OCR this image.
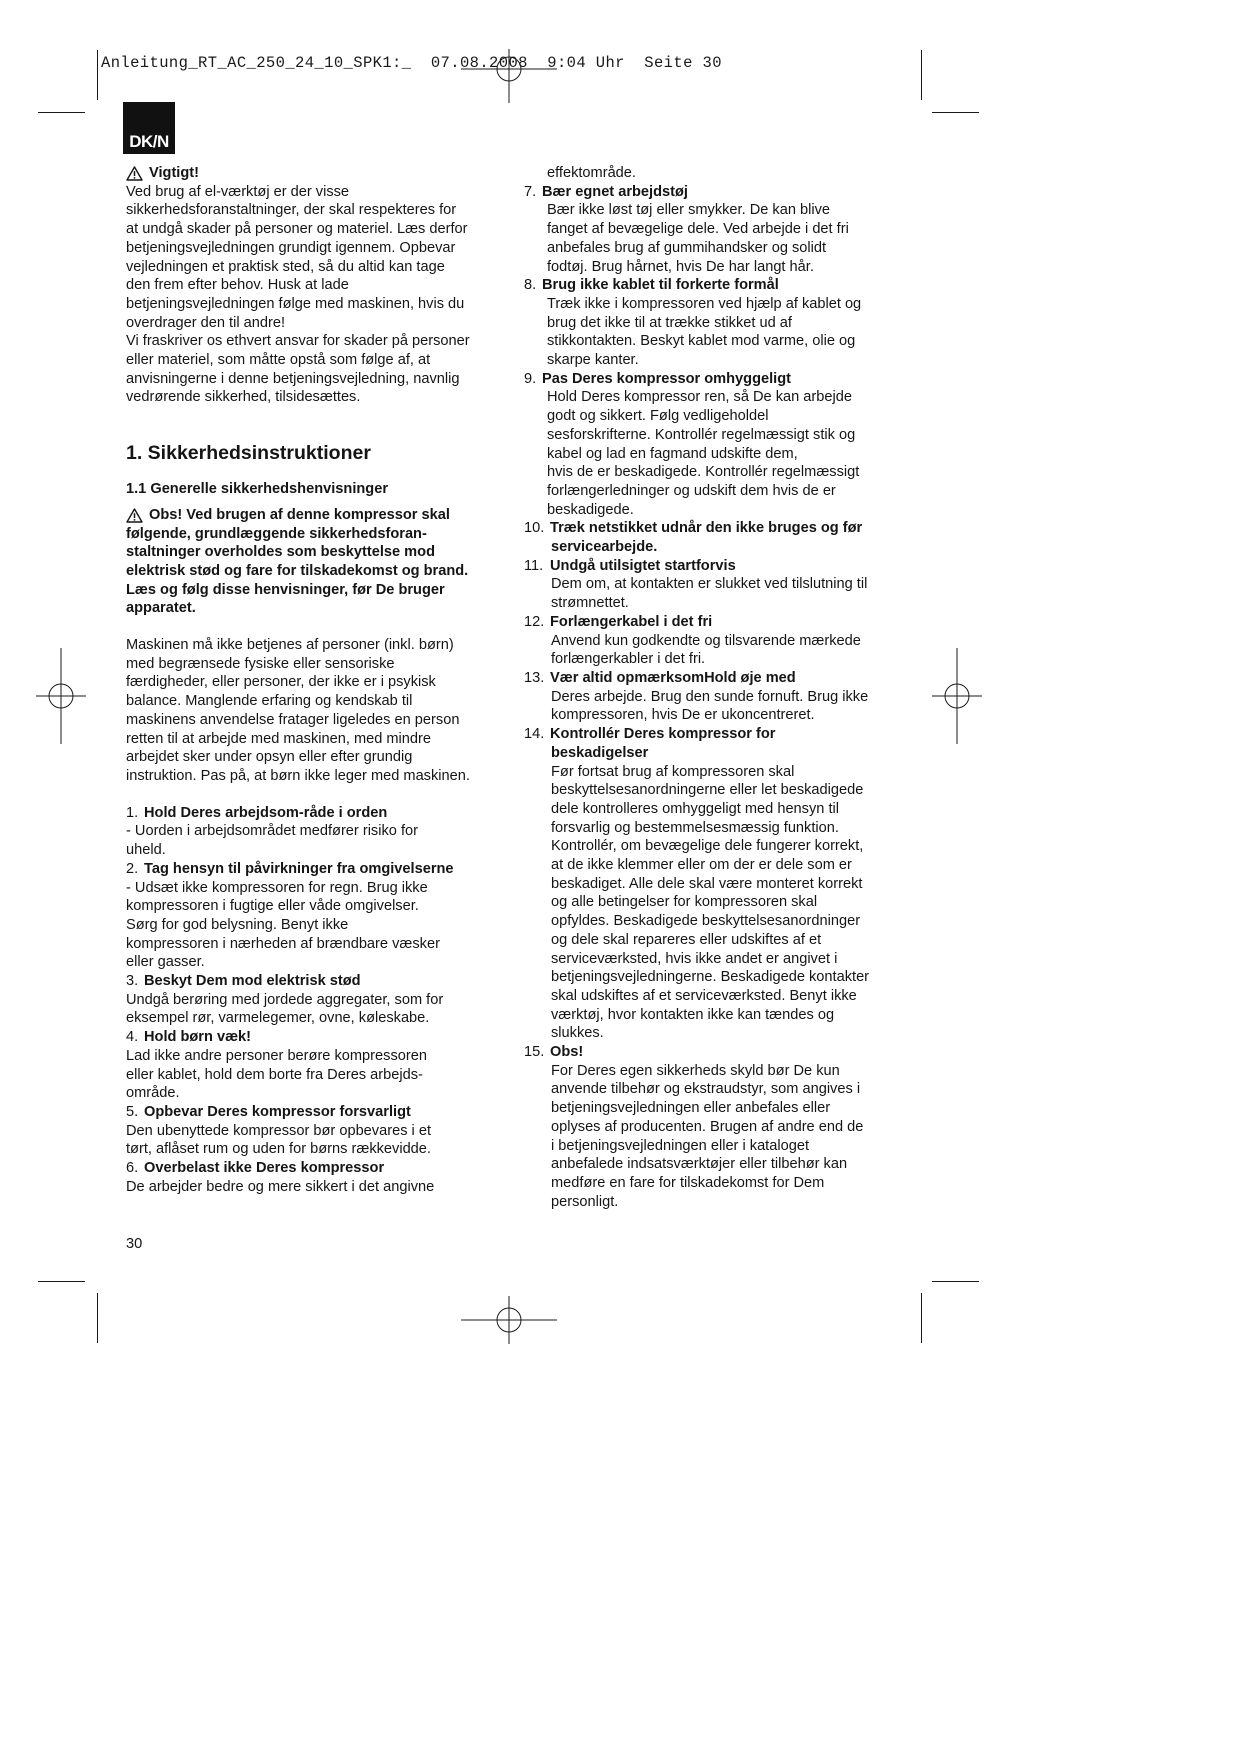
Anleitung_RT_AC_250_24_10_SPK1:_  07.08.2008  9:04 Uhr  Seite 30
DK/N
Vigtigt!

Ved brug af el-værktøj er der visse

sikkerhedsforanstaltninger, der skal respekteres for

at undgå skader på personer og materiel. Læs derfor

betjeningsvejledningen grundigt igennem. Opbevar

vejledningen et praktisk sted, så du altid kan tage

den frem efter behov. Husk at lade

betjeningsvejledningen følge med maskinen, hvis du

overdrager den til andre!

Vi fraskriver os ethvert ansvar for skader på personer

eller materiel, som måtte opstå som følge af, at

anvisningerne i denne betjeningsvejledning, navnlig

vedrørende sikkerhed, tilsidesættes.

1. Sikkerhedsinstruktioner
1.1 Generelle sikkerhedshenvisninger
Obs! Ved brugen af denne kompressor skal

følgende, grundlæggende sikkerhedsforan-

staltninger overholdes som beskyttelse mod

elektrisk stød og fare for tilskadekomst og brand.

Læs og følg disse henvisninger, før De bruger

apparatet.

Maskinen må ikke betjenes af personer (inkl. børn)

med begrænsede fysiske eller sensoriske

færdigheder, eller personer, der ikke er i psykisk

balance. Manglende erfaring og kendskab til

maskinens anvendelse fratager ligeledes en person

retten til at arbejde med maskinen, med mindre

arbejdet sker under opsyn eller efter grundig

instruktion. Pas på, at børn ikke leger med maskinen.

1. Hold Deres arbejdsom-råde i orden

- Uorden i arbejdsområdet medfører risiko for

uheld.

2. Tag hensyn til påvirkninger fra omgivelserne

- Udsæt ikke kompressoren for regn. Brug ikke

kompressoren i fugtige eller våde omgivelser.

Sørg for god belysning. Benyt ikke

kompressoren i nærheden af brændbare væsker

eller gasser.

3. Beskyt Dem mod elektrisk stød

Undgå berøring med jordede aggregater, som for

eksempel rør, varmelegemer, ovne, køleskabe.

4. Hold børn væk!

Lad ikke andre personer berøre kompressoren

eller kablet, hold dem borte fra Deres arbejds-

område.

5. Opbevar Deres kompressor forsvarligt

Den ubenyttede kompressor bør opbevares i et

tørt, aflåset rum og uden for børns rækkevidde.

6. Overbelast ikke Deres kompressor

De arbejder bedre og mere sikkert i det angivne

effektområde.

7. Bær egnet arbejdstøj

Bær ikke løst tøj eller smykker. De kan blive

fanget af bevægelige dele. Ved arbejde i det fri

anbefales brug af gummihandsker og solidt

fodtøj. Brug hårnet, hvis De har langt hår.

8. Brug ikke kablet til forkerte formål

Træk ikke i kompressoren ved hjælp af kablet og

brug det ikke til at trække stikket ud af

stikkontakten. Beskyt kablet mod varme, olie og

skarpe kanter.

9. Pas Deres kompressor omhyggeligt

Hold Deres kompressor ren, så De kan arbejde

godt og sikkert. Følg vedligeholdel

sesforskrifterne. Kontrollér regelmæssigt stik og

kabel og lad en fagmand udskifte dem,

hvis de er beskadigede. Kontrollér regelmæssigt

forlængerledninger og udskift dem hvis de er

beskadigede.

10. Træk netstikket udnår den ikke bruges og før

servicearbejde.

11. Undgå utilsigtet startforvis

Dem om, at kontakten er slukket ved tilslutning til

strømnettet.

12. Forlængerkabel i det fri

Anvend kun godkendte og tilsvarende mærkede

forlængerkabler i det fri.

13. Vær altid opmærksomHold øje med

Deres arbejde. Brug den sunde fornuft. Brug ikke

kompressoren, hvis De er ukoncentreret.

14. Kontrollér Deres kompressor for

beskadigelser

Før fortsat brug af kompressoren skal

beskyttelsesanordningerne eller let beskadigede

dele kontrolleres omhyggeligt med hensyn til

forsvarlig og bestemmelsesmæssig funktion.

Kontrollér, om bevægelige dele fungerer korrekt,

at de ikke klemmer eller om der er dele som er

beskadiget. Alle dele skal være monteret korrekt

og alle betingelser for kompressoren skal

opfyldes. Beskadigede beskyttelsesanordninger

og dele skal repareres eller udskiftes af et

serviceværksted, hvis ikke andet er angivet i

betjeningsvejledningerne. Beskadigede kontakter

skal udskiftes af et serviceværksted. Benyt ikke

værktøj, hvor kontakten ikke kan tændes og

slukkes.

15. Obs!

For Deres egen sikkerheds skyld bør De kun

anvende tilbehør og ekstraudstyr, som angives i

betjeningsvejledningen eller anbefales eller

oplyses af producenten. Brugen af andre end de

i betjeningsvejledningen eller i kataloget

anbefalede indsatsværktøjer eller tilbehør kan

medføre en fare for tilskadekomst for Dem

personligt.

30
